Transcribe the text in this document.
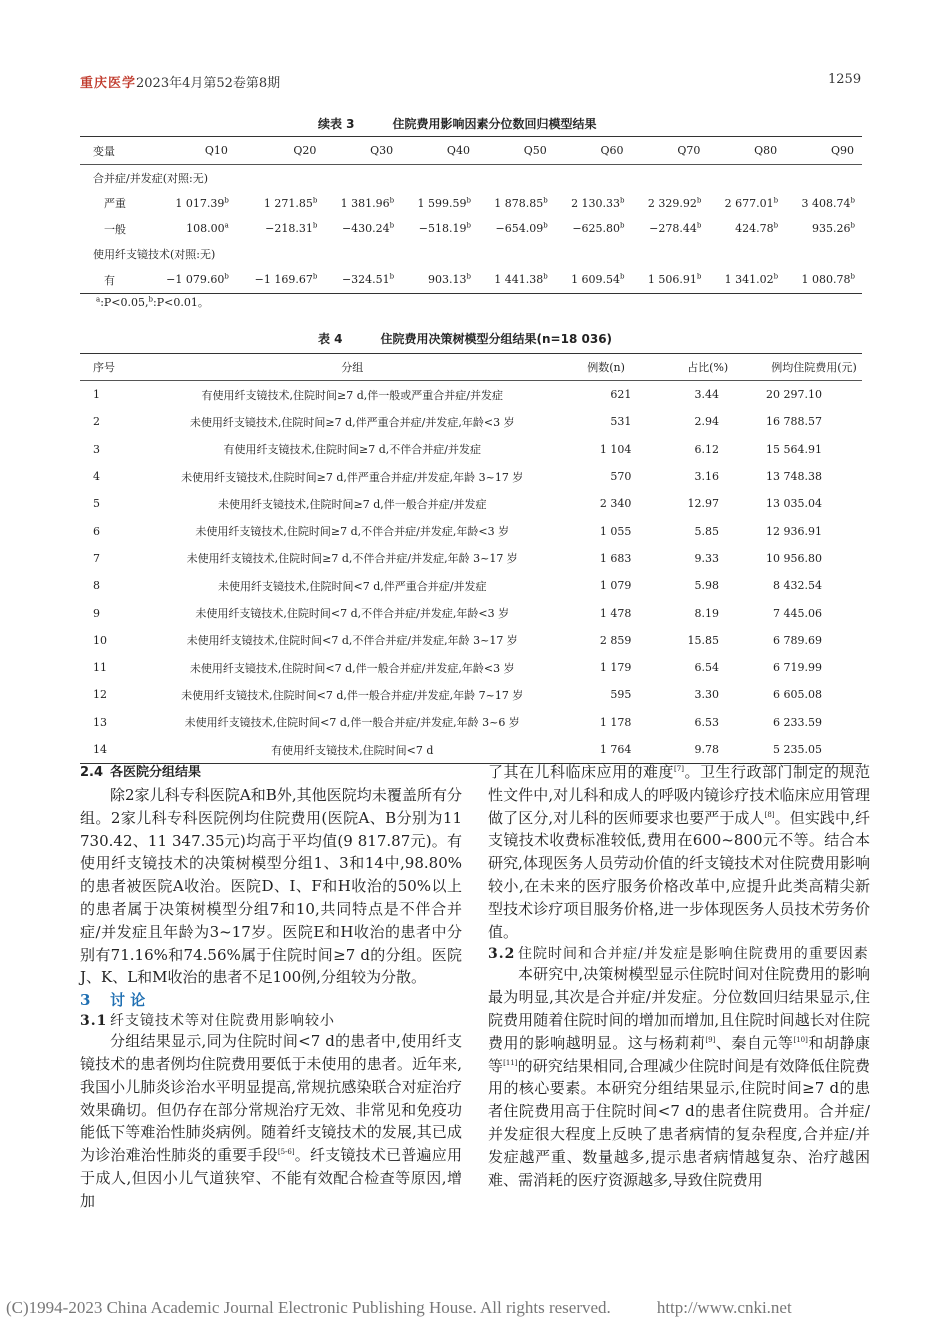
重庆医学2023年4月第52卷第8期	1259
续表 3	住院费用影响因素分位数回归模型结果
变量	Q10	Q20	Q30	Q40	Q50	Q60	Q70	Q80	Q90
合并症/并发症(对照:无)									
严重	1 017.39$^b$	1 271.85$^b$	1 381.96$^b$	1 599.59$^b$	1 878.85$^b$	2 130.33$^b$	2 329.92$^b$	2 677.01$^b$	3 408.74$^b$
一般	108.00$^a$	−218.31$^b$	−430.24$^b$	−518.19$^b$	−654.09$^b$	−625.80$^b$	−278.44$^b$	424.78$^b$	935.26$^b$
使用纤支镜技术(对照:无)									
有	−1 079.60$^b$	−1 169.67$^b$	−324.51$^b$	903.13$^b$	1 441.38$^b$	1 609.54$^b$	1 506.91$^b$	1 341.02$^b$	1 080.78$^b$
$^a$:P<0.05,$^b$:P<0.01。
表 4	住院费用决策树模型分组结果(n=18 036)
序号	分组	例数(n)	占比(%)	例均住院费用(元)
1	有使用纤支镜技术,住院时间≥7 d,伴一般或严重合并症/并发症	621	3.44	20 297.10
2	未使用纤支镜技术,住院时间≥7 d,伴严重合并症/并发症,年龄<3 岁	531	2.94	16 788.57
3	有使用纤支镜技术,住院时间≥7 d,不伴合并症/并发症	1 104	6.12	15 564.91
4	未使用纤支镜技术,住院时间≥7 d,伴严重合并症/并发症,年龄 3~17 岁	570	3.16	13 748.38
5	未使用纤支镜技术,住院时间≥7 d,伴一般合并症/并发症	2 340	12.97	13 035.04
6	未使用纤支镜技术,住院时间≥7 d,不伴合并症/并发症,年龄<3 岁	1 055	5.85	12 936.91
7	未使用纤支镜技术,住院时间≥7 d,不伴合并症/并发症,年龄 3~17 岁	1 683	9.33	10 956.80
8	未使用纤支镜技术,住院时间<7 d,伴严重合并症/并发症	1 079	5.98	8 432.54
9	未使用纤支镜技术,住院时间<7 d,不伴合并症/并发症,年龄<3 岁	1 478	8.19	7 445.06
10	未使用纤支镜技术,住院时间<7 d,不伴合并症/并发症,年龄 3~17 岁	2 859	15.85	6 789.69
11	未使用纤支镜技术,住院时间<7 d,伴一般合并症/并发症,年龄<3 岁	1 179	6.54	6 719.99
12	未使用纤支镜技术,住院时间<7 d,伴一般合并症/并发症,年龄 7~17 岁	595	3.30	6 605.08
13	未使用纤支镜技术,住院时间<7 d,伴一般合并症/并发症,年龄 3~6 岁	1 178	6.53	6 233.59
14	有使用纤支镜技术,住院时间<7 d	1 764	9.78	5 235.05
2.4 各医院分组结果
除2家儿科专科医院A和B外,其他医院均未覆盖所有分组。2家儿科专科医院例均住院费用(医院A、B分别为11 730.42、11 347.35元)均高于平均值(9 817.87元)。有使用纤支镜技术的决策树模型分组1、3和14中,98.80%的患者被医院A收治。医院D、I、F和H收治的50%以上的患者属于决策树模型分组7和10,共同特点是不伴合并症/并发症且年龄为3~17岁。医院E和H收治的患者中分别有71.16%和74.56%属于住院时间≥7 d的分组。医院J、K、L和M收治的患者不足100例,分组较为分散。
3 讨 论
3.1 纤支镜技术等对住院费用影响较小
分组结果显示,同为住院时间<7 d的患者中,使用纤支镜技术的患者例均住院费用要低于未使用的患者。近年来,我国小儿肺炎诊治水平明显提高,常规抗感染联合对症治疗效果确切。但仍存在部分常规治疗无效、非常见和免疫功能低下等难治性肺炎病例。随着纤支镜技术的发展,其已成为诊治难治性肺炎的重要手段[5-6]。纤支镜技术已普遍应用于成人,但因小儿气道狭窄、不能有效配合检查等原因,增加
了其在儿科临床应用的难度[7]。卫生行政部门制定的规范性文件中,对儿科和成人的呼吸内镜诊疗技术临床应用管理做了区分,对儿科的医师要求也要严于成人[8]。但实践中,纤支镜技术收费标准较低,费用在600~800元不等。结合本研究,体现医务人员劳动价值的纤支镜技术对住院费用影响较小,在未来的医疗服务价格改革中,应提升此类高精尖新型技术诊疗项目服务价格,进一步体现医务人员技术劳务价值。
3.2 住院时间和合并症/并发症是影响住院费用的重要因素
本研究中,决策树模型显示住院时间对住院费用的影响最为明显,其次是合并症/并发症。分位数回归结果显示,住院费用随着住院时间的增加而增加,且住院时间越长对住院费用的影响越明显。这与杨莉莉[9]、秦自元等[10]和胡静康等[11]的研究结果相同,合理减少住院时间是有效降低住院费用的核心要素。本研究分组结果显示,住院时间≥7 d的患者住院费用高于住院时间<7 d的患者住院费用。合并症/并发症很大程度上反映了患者病情的复杂程度,合并症/并发症越严重、数量越多,提示患者病情越复杂、治疗越困难、需消耗的医疗资源越多,导致住院费用
(C)1994-2023 China Academic Journal Electronic Publishing House. All rights reserved.	http://www.cnki.net
